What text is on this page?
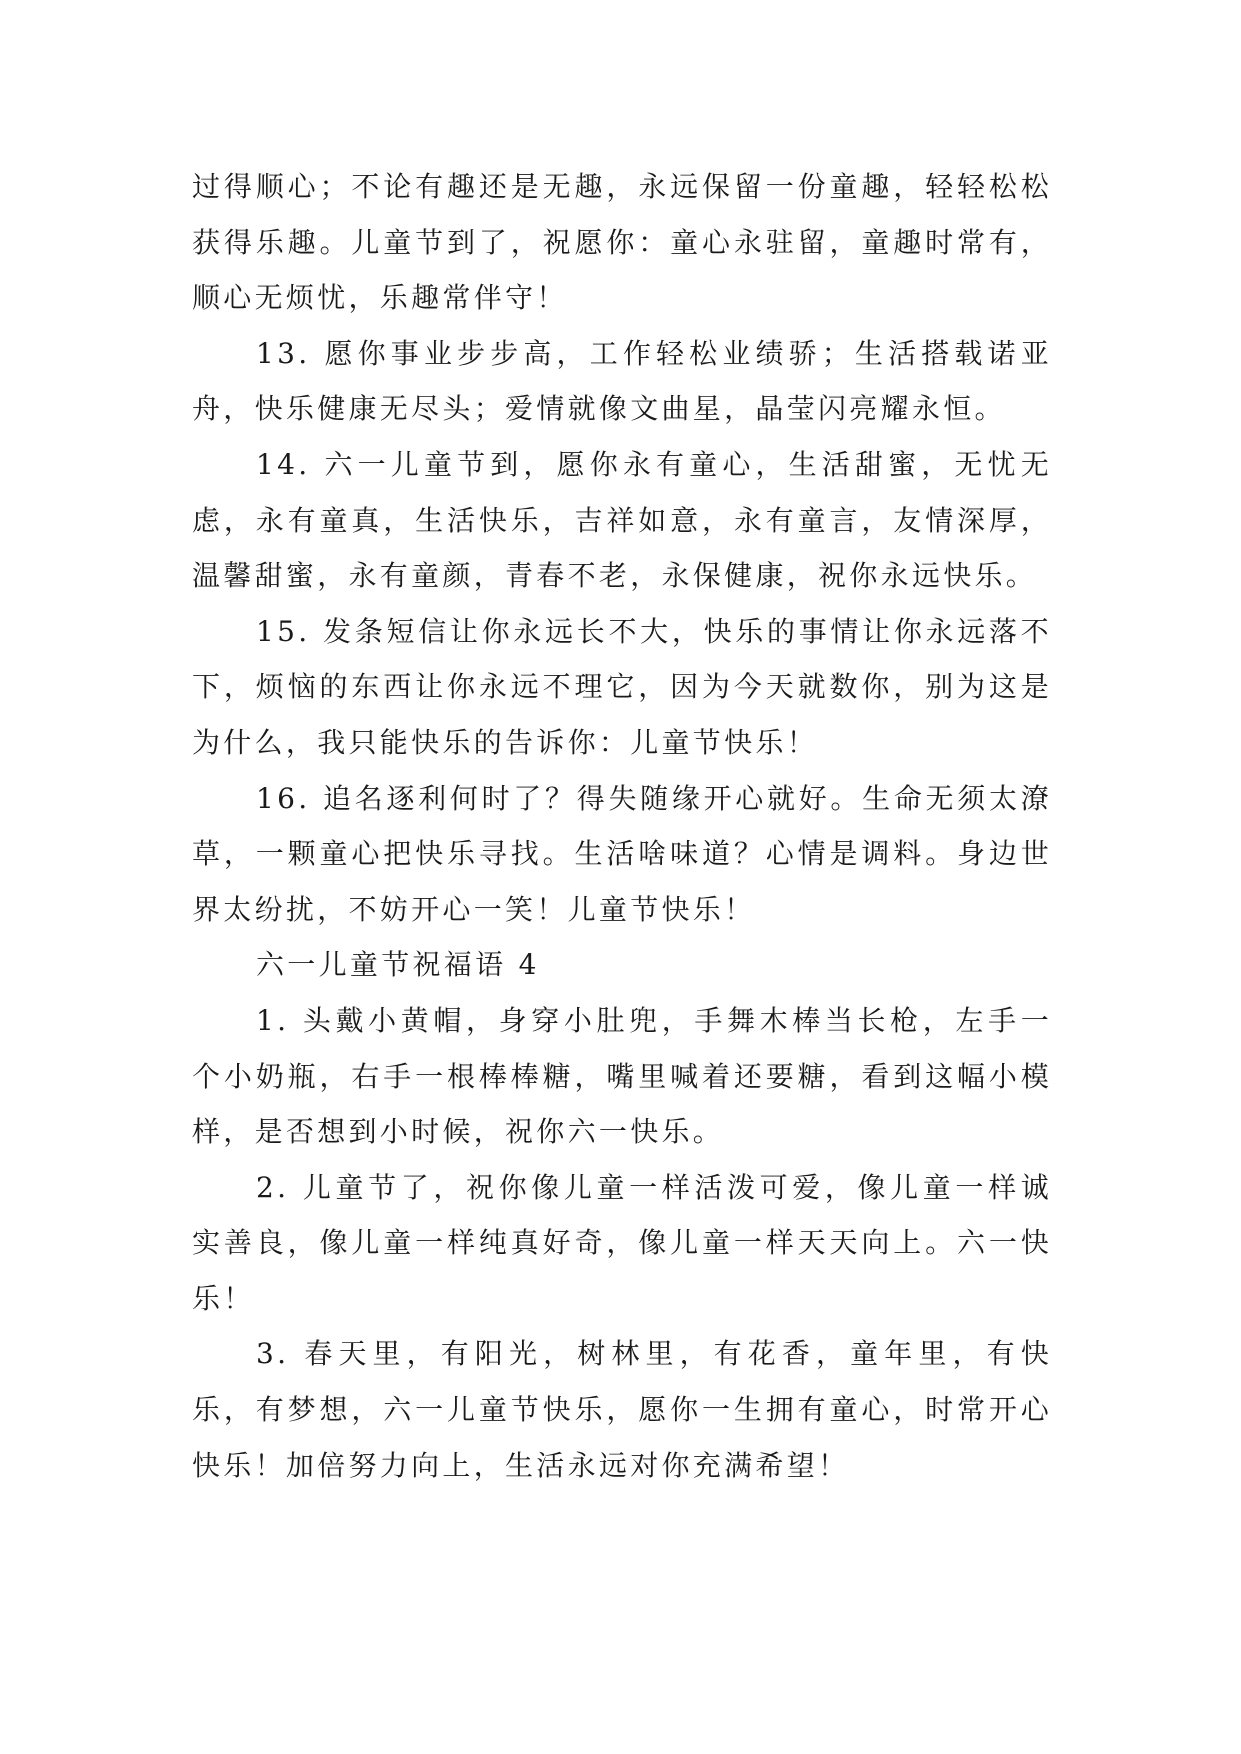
过得顺心；不论有趣还是无趣，永远保留一份童趣，轻轻松松获得乐趣。儿童节到了，祝愿你：童心永驻留，童趣时常有，顺心无烦忧，乐趣常伴守！

13. 愿你事业步步高，工作轻松业绩骄；生活搭载诺亚舟，快乐健康无尽头；爱情就像文曲星，晶莹闪亮耀永恒。

14. 六一儿童节到，愿你永有童心，生活甜蜜，无忧无虑，永有童真，生活快乐，吉祥如意，永有童言，友情深厚，温馨甜蜜，永有童颜，青春不老，永保健康，祝你永远快乐。

15. 发条短信让你永远长不大，快乐的事情让你永远落不下，烦恼的东西让你永远不理它，因为今天就数你，别为这是为什么，我只能快乐的告诉你：儿童节快乐！

16. 追名逐利何时了？得失随缘开心就好。生命无须太潦草，一颗童心把快乐寻找。生活啥味道？心情是调料。身边世界太纷扰，不妨开心一笑！儿童节快乐！

六一儿童节祝福语 4

1. 头戴小黄帽，身穿小肚兜，手舞木棒当长枪，左手一个小奶瓶，右手一根棒棒糖，嘴里喊着还要糖，看到这幅小模样，是否想到小时候，祝你六一快乐。

2. 儿童节了，祝你像儿童一样活泼可爱，像儿童一样诚实善良，像儿童一样纯真好奇，像儿童一样天天向上。六一快乐！

3. 春天里，有阳光，树林里，有花香，童年里，有快乐，有梦想，六一儿童节快乐，愿你一生拥有童心，时常开心快乐！加倍努力向上，生活永远对你充满希望！
